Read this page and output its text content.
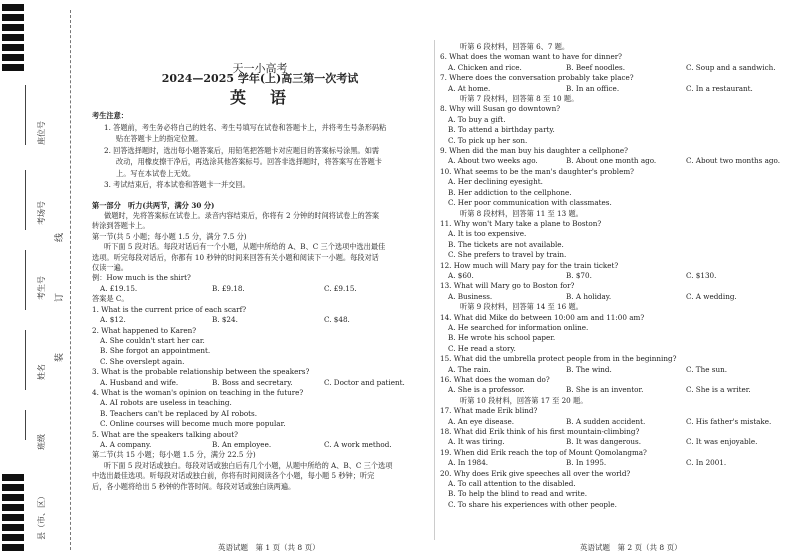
座位号
考场号
考生号
姓名
班级
县（市、区）
线
订
装
天一小高考
2024—2025 学年(上)高三第一次考试
英　语
考生注意：
1. 答题前，考生务必将自己的姓名、考生号填写在试卷和答题卡上，并将考生号条形码粘
贴在答题卡上的指定位置。
2. 回答选择题时，选出每小题答案后，用铅笔把答题卡对应题目的答案标号涂黑。如需
改动，用橡皮擦干净后，再选涂其他答案标号。回答非选择题时，将答案写在答题卡
上。写在本试卷上无效。
3. 考试结束后，将本试卷和答题卡一并交回。
第一部分　听力(共两节，满分 30 分)
做题时，先将答案标在试卷上。录音内容结束后，你将有 2 分钟的时间将试卷上的答案
转涂到答题卡上。
第一节(共 5 小题；每小题 1.5 分，满分 7.5 分)
听下面 5 段对话。每段对话后有一个小题，从题中所给的 A、B、C 三个选项中选出最佳
选项。听完每段对话后，你都有 10 秒钟的时间来回答有关小题和阅读下一小题。每段对话
仅读一遍。
例：How much is the shirt?
A. £19.15.	B. £9.18.	C. £9.15.
答案是 C。
1. What is the current price of each scarf?
A. $12.	B. $24.	C. $48.
2. What happened to Karen?
A. She couldn't start her car.
B. She forgot an appointment.
C. She overslept again.
3. What is the probable relationship between the speakers?
A. Husband and wife.	B. Boss and secretary.	C. Doctor and patient.
4. What is the woman's opinion on teaching in the future?
A. AI robots are useless in teaching.
B. Teachers can't be replaced by AI robots.
C. Online courses will become much more popular.
5. What are the speakers talking about?
A. A company.	B. An employee.	C. A work method.
第二节(共 15 小题；每小题 1.5 分，满分 22.5 分)
听下面 5 段对话或独白。每段对话或独白后有几个小题，从题中所给的 A、B、C 三个选项
中选出最佳选项。听每段对话或独白前，你将有时间阅读各个小题，每小题 5 秒钟；听完
后，各小题将给出 5 秒钟的作答时间。每段对话或独白读两遍。
听第 6 段材料，回答第 6、7 题。
6. What does the woman want to have for dinner?
A. Chicken and rice.	B. Beef noodles.	C. Soup and a sandwich.
7. Where does the conversation probably take place?
A. At home.	B. In an office.	C. In a restaurant.
听第 7 段材料，回答第 8 至 10 题。
8. Why will Susan go downtown?
A. To buy a gift.
B. To attend a birthday party.
C. To pick up her son.
9. When did the man buy his daughter a cellphone?
A. About two weeks ago.	B. About one month ago.	C. About two months ago.
10. What seems to be the man's daughter's problem?
A. Her declining eyesight.
B. Her addiction to the cellphone.
C. Her poor communication with classmates.
听第 8 段材料，回答第 11 至 13 题。
11. Why won't Mary take a plane to Boston?
A. It is too expensive.
B. The tickets are not available.
C. She prefers to travel by train.
12. How much will Mary pay for the train ticket?
A. $60.	B. $70.	C. $130.
13. What will Mary go to Boston for?
A. Business.	B. A holiday.	C. A wedding.
听第 9 段材料，回答第 14 至 16 题。
14. What did Mike do between 10:00 am and 11:00 am?
A. He searched for information online.
B. He wrote his school paper.
C. He read a story.
15. What did the umbrella protect people from in the beginning?
A. The rain.	B. The wind.	C. The sun.
16. What does the woman do?
A. She is a professor.	B. She is an inventor.	C. She is a writer.
听第 10 段材料，回答第 17 至 20 题。
17. What made Erik blind?
A. An eye disease.	B. A sudden accident.	C. His father's mistake.
18. What did Erik think of his first mountain-climbing?
A. It was tiring.	B. It was dangerous.	C. It was enjoyable.
19. When did Erik reach the top of Mount Qomolangma?
A. In 1984.	B. In 1995.	C. In 2001.
20. Why does Erik give speeches all over the world?
A. To call attention to the disabled.
B. To help the blind to read and write.
C. To share his experiences with other people.
英语试题　第 1 页（共 8 页）	英语试题　第 2 页（共 8 页）
